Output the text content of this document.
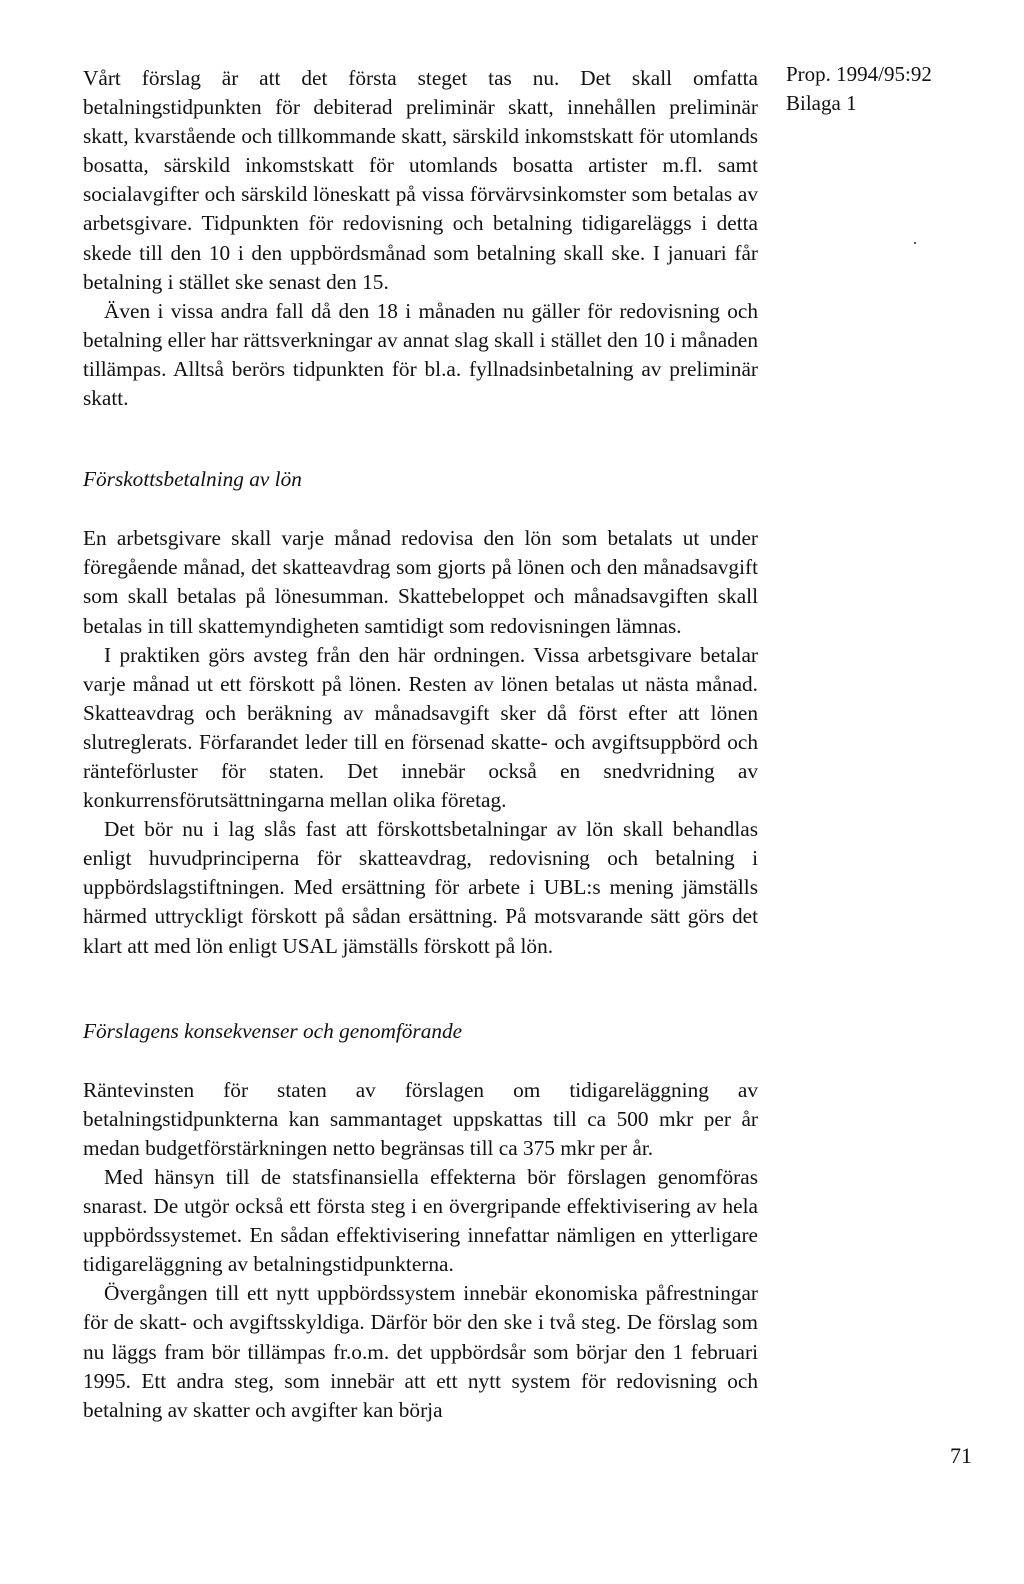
Prop. 1994/95:92
Bilaga 1

Vårt förslag är att det första steget tas nu. Det skall omfatta betalningstidpunkten för debiterad preliminär skatt, innehållen preliminär skatt, kvarstående och tillkommande skatt, särskild inkomstskatt för utomlands bosatta, särskild inkomstskatt för utomlands bosatta artister m.fl. samt socialavgifter och särskild löneskatt på vissa förvärvsinkomster som betalas av arbetsgivare. Tidpunkten för redovisning och betalning tidigareläggs i detta skede till den 10 i den uppbördsmånad som betalning skall ske. I januari får betalning i stället ske senast den 15.

Även i vissa andra fall då den 18 i månaden nu gäller för redovisning och betalning eller har rättsverkningar av annat slag skall i stället den 10 i månaden tillämpas. Alltså berörs tidpunkten för bl.a. fyllnadsinbetalning av preliminär skatt.

Förskottsbetalning av lön

En arbetsgivare skall varje månad redovisa den lön som betalats ut under föregående månad, det skatteavdrag som gjorts på lönen och den månadsavgift som skall betalas på lönesumman. Skattebeloppet och månadsavgiften skall betalas in till skattemyndigheten samtidigt som redovisningen lämnas.

I praktiken görs avsteg från den här ordningen. Vissa arbetsgivare betalar varje månad ut ett förskott på lönen. Resten av lönen betalas ut nästa månad. Skatteavdrag och beräkning av månadsavgift sker då först efter att lönen slutreglerats. Förfarandet leder till en försenad skatte- och avgiftsuppbörd och ränteförluster för staten. Det innebär också en snedvridning av konkurrensförutsättningarna mellan olika företag.

Det bör nu i lag slås fast att förskottsbetalningar av lön skall behandlas enligt huvudprinciperna för skatteavdrag, redovisning och betalning i uppbördslagstiftningen. Med ersättning för arbete i UBL:s mening jämställs härmed uttryckligt förskott på sådan ersättning. På motsvarande sätt görs det klart att med lön enligt USAL jämställs förskott på lön.

Förslagens konsekvenser och genomförande

Räntevinsten för staten av förslagen om tidigareläggning av betalningstidpunkterna kan sammantaget uppskattas till ca 500 mkr per år medan budgetförstärkningen netto begränsas till ca 375 mkr per år.

Med hänsyn till de statsfinansiella effekterna bör förslagen genomföras snarast. De utgör också ett första steg i en övergripande effektivisering av hela uppbördssystemet. En sådan effektivisering innefattar nämligen en ytterligare tidigareläggning av betalningstidpunkterna.

Övergången till ett nytt uppbördssystem innebär ekonomiska påfrestningar för de skatt- och avgiftsskyldiga. Därför bör den ske i två steg. De förslag som nu läggs fram bör tillämpas fr.o.m. det uppbördsår som börjar den 1 februari 1995. Ett andra steg, som innebär att ett nytt system för redovisning och betalning av skatter och avgifter kan börja

71
